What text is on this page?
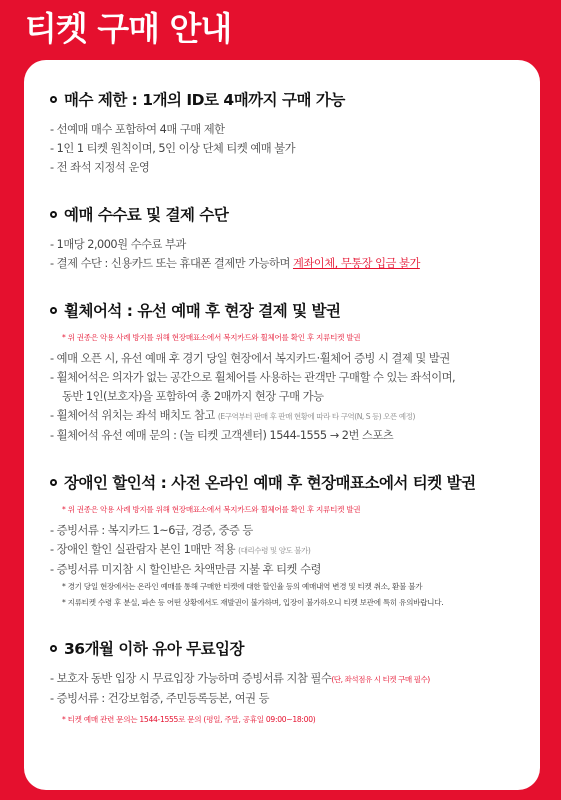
티켓 구매 안내
매수 제한 : 1개의 ID로 4매까지 구매 가능
- 선예매 매수 포함하여 4매 구매 제한
- 1인 1 티켓 원칙이며, 5인 이상 단체 티켓 예매 불가
- 전 좌석 지정석 운영
예매 수수료 및 결제 수단
- 1매당 2,000원 수수료 부과
- 결제 수단 : 신용카드 또는 휴대폰 결제만 가능하며 계좌이체, 무통장 입금 불가
휠체어석 : 유선 예매 후 현장 결제 및 발권
* 위 권종은 악용 사례 방지를 위해 현장매표소에서 복지카드와 휠체어를 확인 후 지류티켓 발권
- 예매 오픈 시, 유선 예매 후 경기 당일 현장에서 복지카드·휠체어 증빙 시 결제 및 발권
- 휠체어석은 의자가 없는 공간으로 휠체어를 사용하는 관객만 구매할 수 있는 좌석이며,
동반 1인(보호자)을 포함하여 총 2매까지 현장 구매 가능
- 휠체어석 위치는 좌석 배치도 참고 (E구역부터 판매 후 판매 현황에 따라 타 구역(N, S 등) 오픈 예정)
- 휠체어석 유선 예매 문의 : (놀 티켓 고객센터) 1544-1555 → 2번 스포츠
장애인 할인석 : 사전 온라인 예매 후 현장매표소에서 티켓 발권
* 위 권종은 악용 사례 방지를 위해 현장매표소에서 복지카드와 휠체어를 확인 후 지류티켓 발권
- 증빙서류 : 복지카드 1~6급, 경증, 중증 등
- 장애인 할인 실관람자 본인 1매만 적용 (대리수령 및 양도 불가)
- 증빙서류 미지참 시 할인받은 차액만큼 지불 후 티켓 수령
* 경기 당일 현장에서는 온라인 예매를 통해 구매한 티켓에 대한 할인율 등의 예매내역 변경 및 티켓 취소, 환불 불가
* 지류티켓 수령 후 분실, 파손 등 어떤 상황에서도 재발권이 불가하며, 입장이 불가하오니 티켓 보관에 특히 유의바랍니다.
36개월 이하 유아 무료입장
- 보호자 동반 입장 시 무료입장 가능하며 증빙서류 지참 필수(단, 좌석점유 시 티켓 구매 필수)
- 증빙서류 : 건강보험증, 주민등록등본, 여권 등
* 티켓 예매 관련 문의는 1544-1555로 문의 (평일, 주말, 공휴일 09:00~18:00)
